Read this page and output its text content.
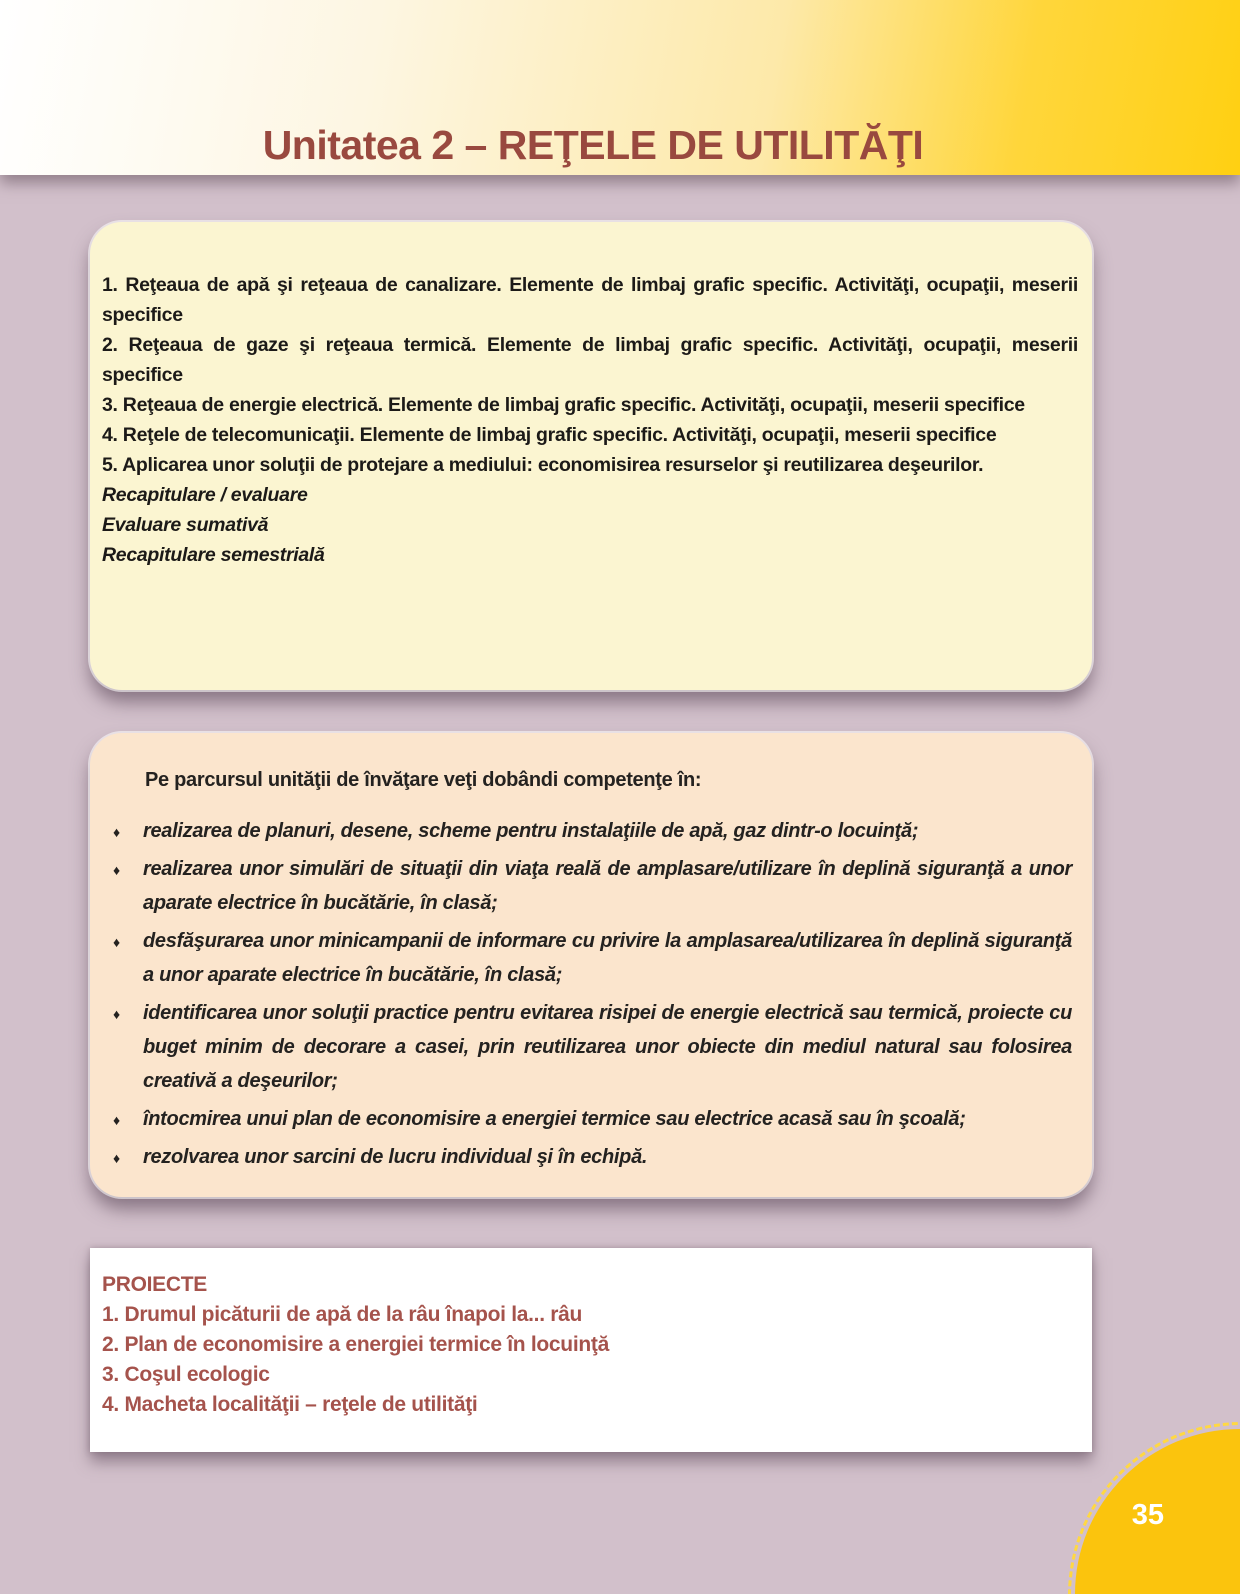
Unitatea 2 – REŢELE DE UTILITĂŢI

1. Reţeaua de apă şi reţeaua de canalizare. Elemente de limbaj grafic specific. Activităţi, ocupaţii, meserii specifice

2. Reţeaua de gaze şi reţeaua termică. Elemente de limbaj grafic specific. Activităţi, ocupaţii, meserii specifice

3. Reţeaua de energie electrică. Elemente de limbaj grafic specific. Activităţi, ocupaţii, meserii specifice

4. Reţele de telecomunicaţii. Elemente de limbaj grafic specific. Activităţi, ocupaţii, meserii specifice

5. Aplicarea unor soluţii de protejare a mediului: economisirea resurselor şi reutilizarea deşeurilor.

Recapitulare / evaluare

Evaluare sumativă

Recapitulare semestrială

Pe parcursul unităţii de învăţare veţi dobândi competenţe în:

♦ realizarea de planuri, desene, scheme pentru instalaţiile de apă, gaz dintr-o locuinţă;
♦ realizarea unor simulări de situaţii din viaţa reală de amplasare/utilizare în deplină siguranţă a unor aparate electrice în bucătărie, în clasă;
♦ desfăşurarea unor minicampanii de informare cu privire la amplasarea/utilizarea în deplină siguranţă a unor aparate electrice în bucătărie, în clasă;
♦ identificarea unor soluţii practice pentru evitarea risipei de energie electrică sau termică, proiecte cu buget minim de decorare a casei, prin reutilizarea unor obiecte din mediul natural sau folosirea creativă a deşeurilor;
♦ întocmirea unui plan de economisire a energiei termice sau electrice acasă sau în şcoală;
♦ rezolvarea unor sarcini de lucru individual şi în echipă.

PROIECTE

1. Drumul picăturii de apă de la râu înapoi la... râu

2. Plan de economisire a energiei termice în locuinţă

3. Coşul ecologic

4. Macheta localităţii – reţele de utilităţi

35
